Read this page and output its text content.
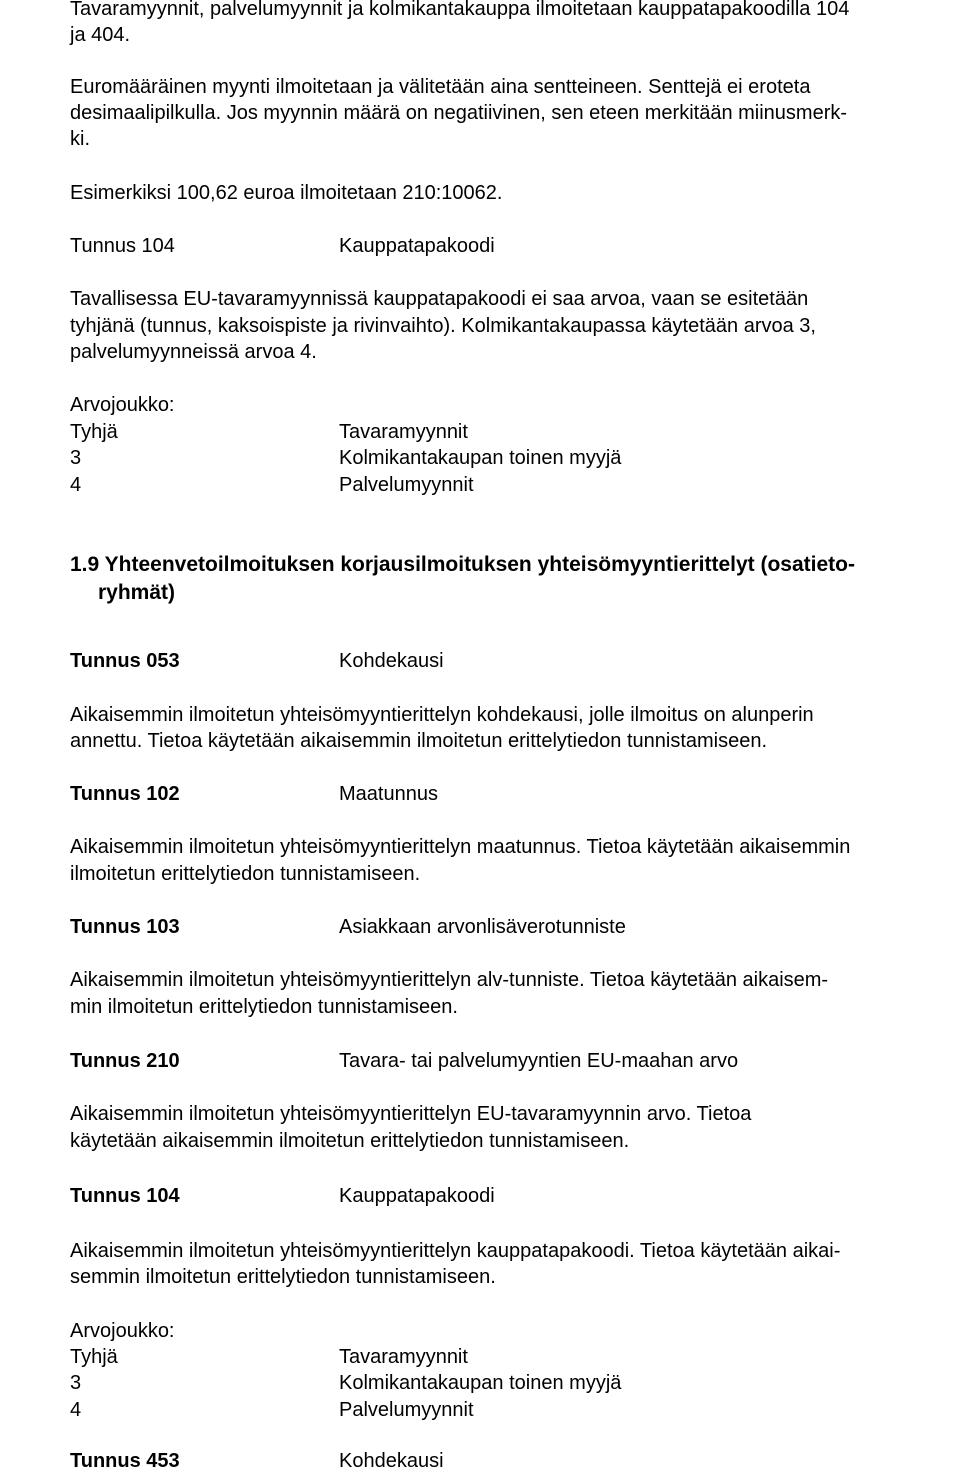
Tavaramyynnit, palvelumyynnit ja kolmikantakauppa ilmoitetaan kauppatapakoodilla 104
ja 404.
Euromääräinen myynti ilmoitetaan ja välitetään aina sentteineen. Senttejä ei eroteta
desimaalipilkulla. Jos myynnin määrä on negatiivinen, sen eteen merkitään miinusmerk-
ki.
Esimerkiksi 100,62 euroa ilmoitetaan 210:10062.
Tunnus 104	Kauppatapakoodi
Tavallisessa EU-tavaramyynnissä kauppatapakoodi ei saa arvoa, vaan se esitetään
tyhjänä (tunnus, kaksoispiste ja rivinvaihto). Kolmikantakaupassa käytetään arvoa 3,
palvelumyynneissä arvoa 4.
Arvojoukko:
Tyhjä	Tavaramyynnit
3	Kolmikantakaupan toinen myyjä
4	Palvelumyynnit
1.9 Yhteenvetoilmoituksen korjausilmoituksen yhteisömyyntierittelyt (osatieto-
ryhmät)
Tunnus 053	Kohdekausi
Aikaisemmin ilmoitetun yhteisömyyntierittelyn kohdekausi, jolle ilmoitus on alunperin
annettu. Tietoa käytetään aikaisemmin ilmoitetun erittelytiedon tunnistamiseen.
Tunnus 102	Maatunnus
Aikaisemmin ilmoitetun yhteisömyyntierittelyn maatunnus. Tietoa käytetään aikaisemmin
ilmoitetun erittelytiedon tunnistamiseen.
Tunnus 103	Asiakkaan arvonlisäverotunniste
Aikaisemmin ilmoitetun yhteisömyyntierittelyn alv-tunniste. Tietoa käytetään aikaisem-
min ilmoitetun erittelytiedon tunnistamiseen.
Tunnus 210	Tavara- tai palvelumyyntien EU-maahan arvo
Aikaisemmin ilmoitetun yhteisömyyntierittelyn EU-tavaramyynnin arvo. Tietoa
käytetään aikaisemmin ilmoitetun erittelytiedon tunnistamiseen.
Tunnus 104	Kauppatapakoodi
Aikaisemmin ilmoitetun yhteisömyyntierittelyn kauppatapakoodi. Tietoa käytetään aikai-
semmin ilmoitetun erittelytiedon tunnistamiseen.
Arvojoukko:
Tyhjä	Tavaramyynnit
3	Kolmikantakaupan toinen myyjä
4	Palvelumyynnit
Tunnus 453	Kohdekausi
